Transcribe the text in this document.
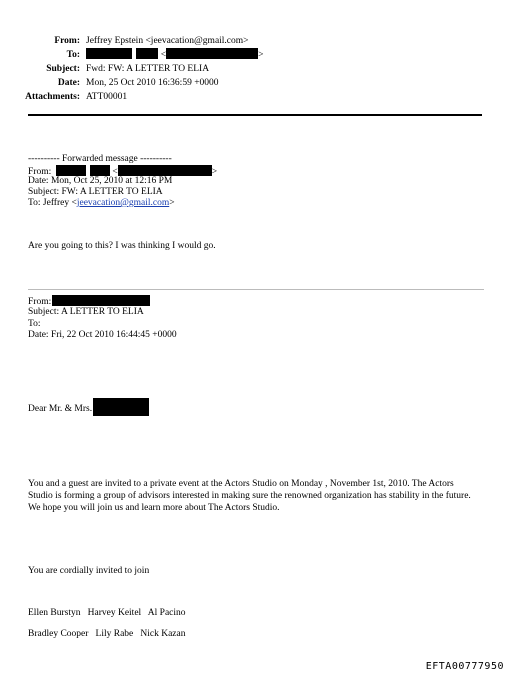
From: Jeffrey Epstein <jeevacation@gmail.com>
To:	<	>
Subject: Fwd: FW: A LETTER TO ELIA
Date: Mon, 25 Oct 2010 16:36:59 +0000
Attachments: ATT00001
---------- Forwarded message ----------
From:	<	>
Date: Mon, Oct 25, 2010 at 12:16 PM
Subject: FW: A LETTER TO ELIA
To: Jeffrey <jeevacation@gmail.com>
Are you going to this? I was thinking I would go.
From:
Subject: A LETTER TO ELIA
To:
Date: Fri, 22 Oct 2010 16:44:45 +0000
Dear Mr. & Mrs.
You and a guest are invited to a private event at the Actors Studio on Monday , November 1st, 2010. The Actors Studio is forming a group of advisors interested in making sure the renowned organization has stability in the future. We hope you will join us and learn more about The Actors Studio.
You are cordially invited to join
Ellen Burstyn   Harvey Keitel   Al Pacino
Bradley Cooper   Lily Rabe   Nick Kazan
EFTA00777950
